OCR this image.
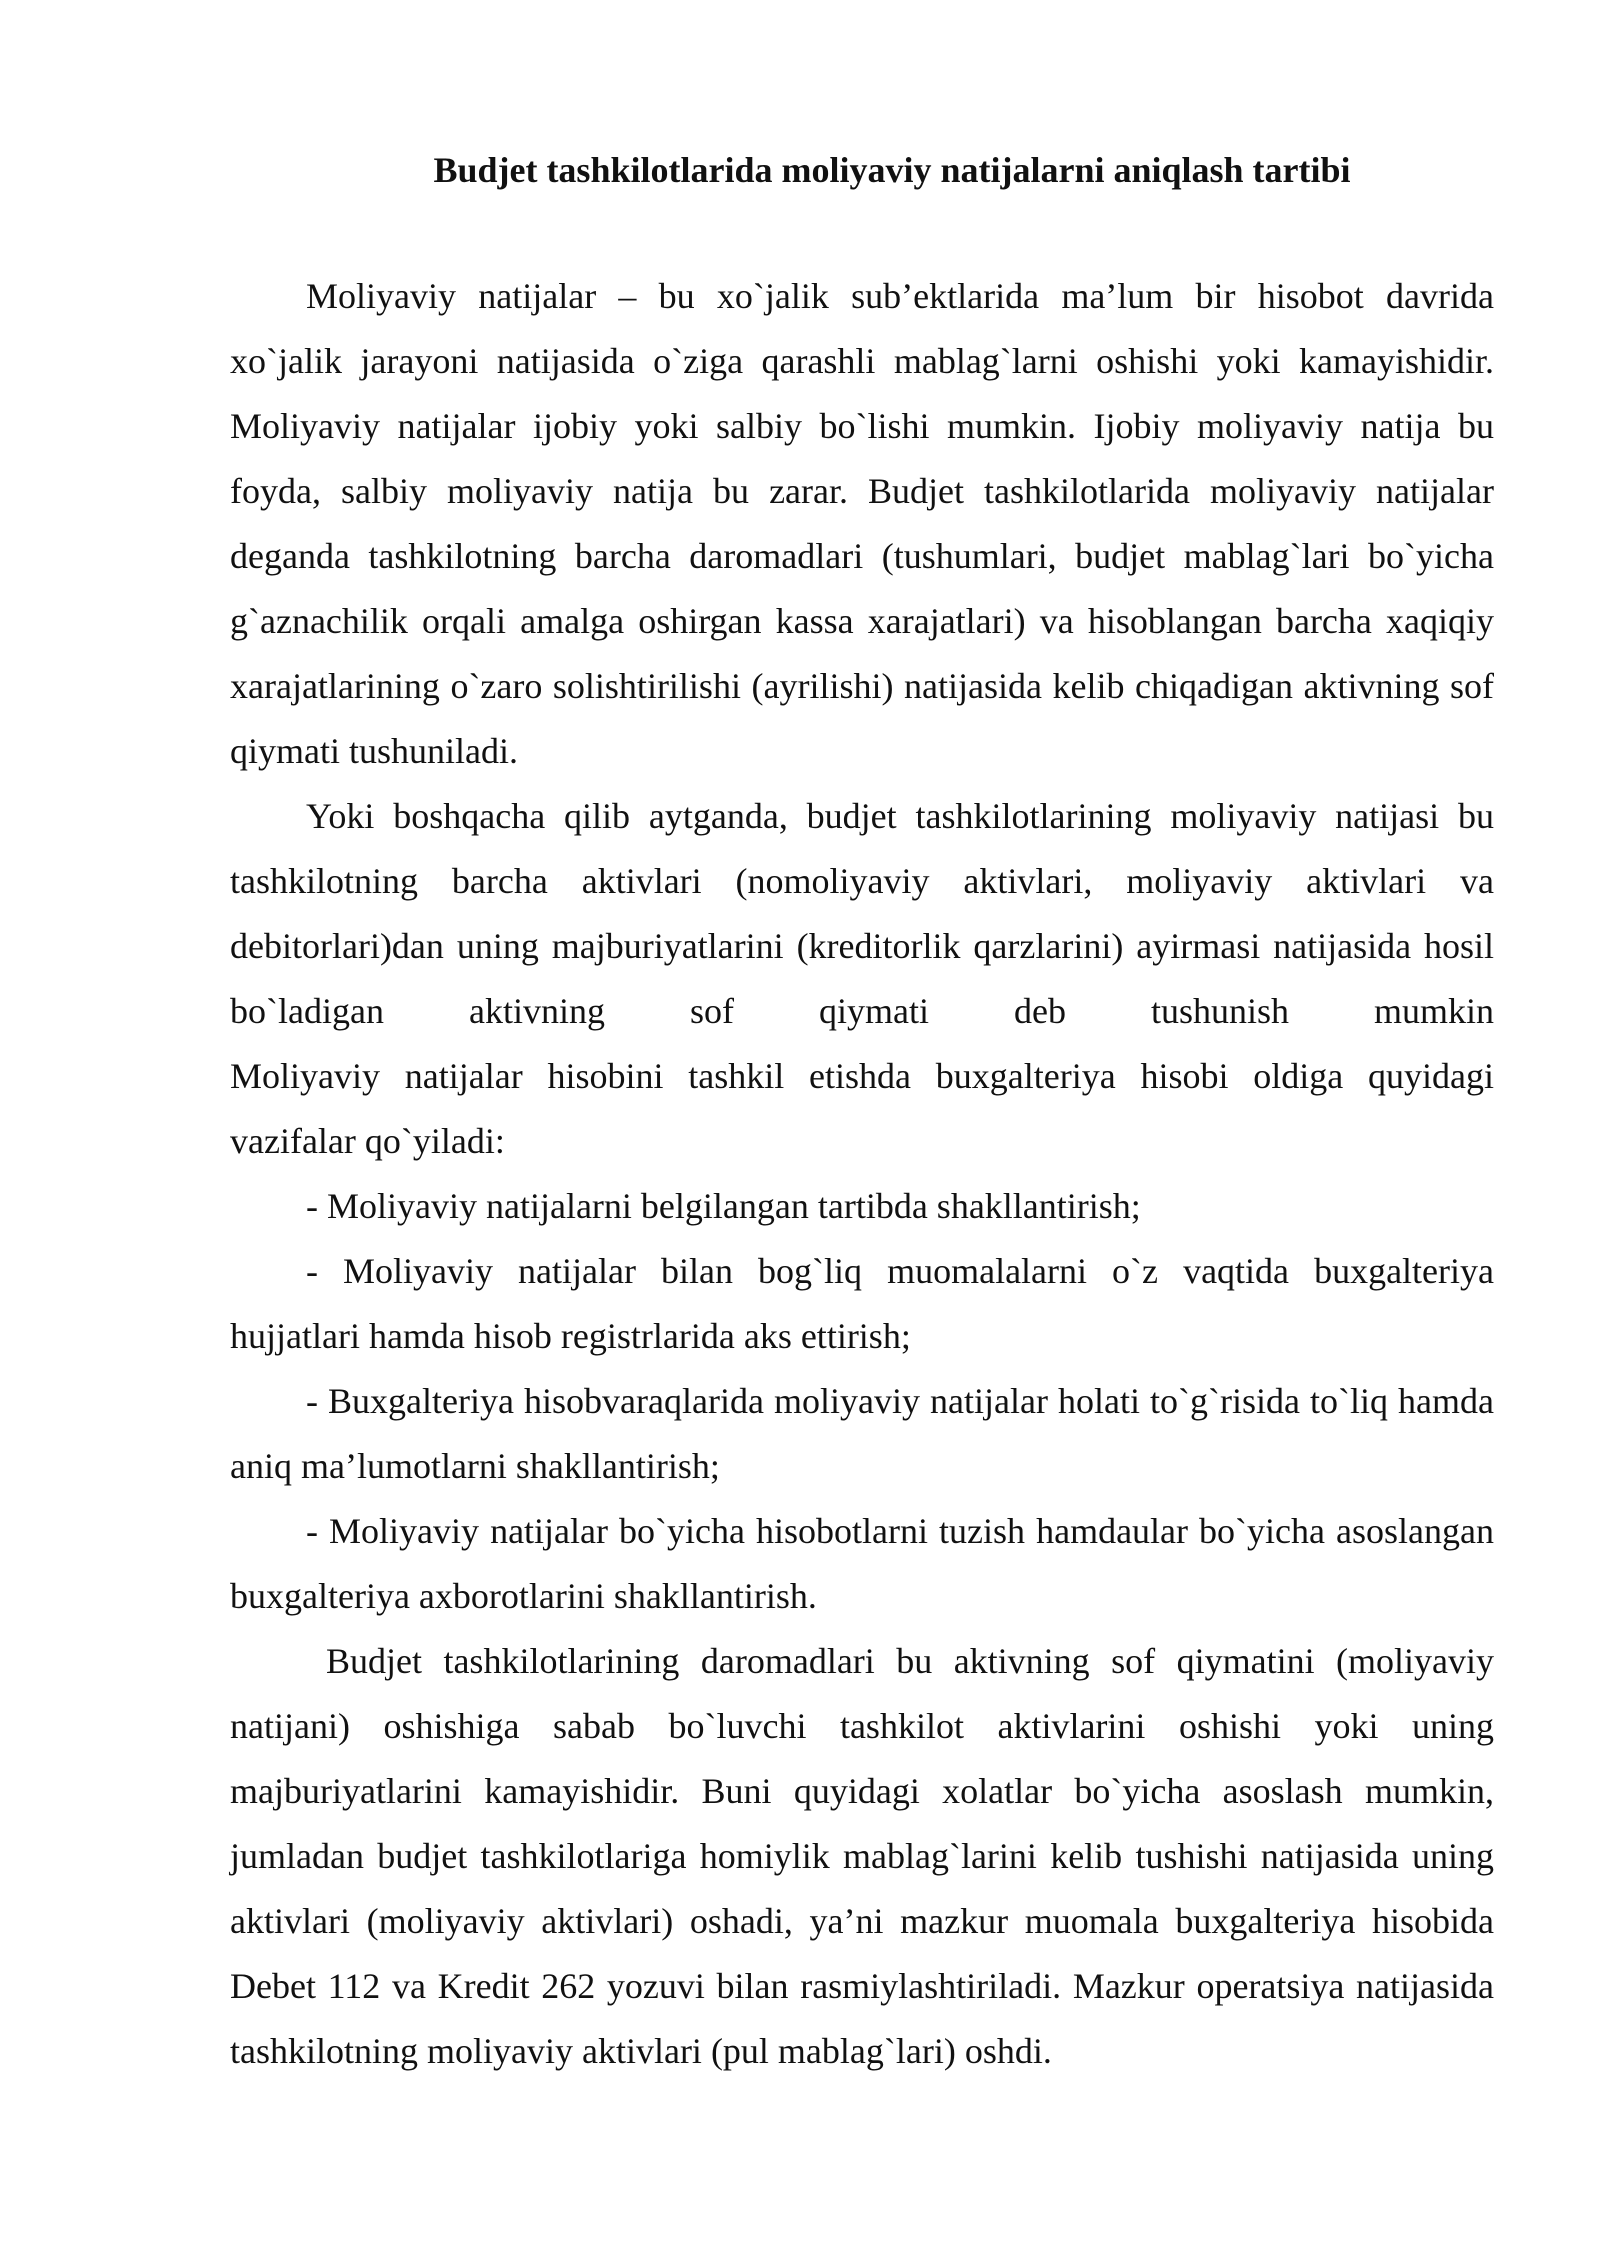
Budjet tashkilotlarida moliyaviy natijalarni aniqlash tartibi

Moliyaviy natijalar – bu xo`jalik sub’ektlarida ma’lum bir hisobot davrida xo`jalik jarayoni natijasida o`ziga qarashli mablag`larni oshishi yoki kamayishidir. Moliyaviy natijalar ijobiy yoki salbiy bo`lishi mumkin. Ijobiy moliyaviy natija bu foyda, salbiy moliyaviy natija bu zarar. Budjet tashkilotlarida moliyaviy natijalar deganda tashkilotning barcha daromadlari (tushumlari, budjet mablag`lari bo`yicha g`aznachilik orqali amalga oshirgan kassa xarajatlari) va hisoblangan barcha xaqiqiy xarajatlarining o`zaro solishtirilishi (ayrilishi) natijasida kelib chiqadigan aktivning sof qiymati tushuniladi.

Yoki boshqacha qilib aytganda, budjet tashkilotlarining moliyaviy natijasi bu tashkilotning barcha aktivlari (nomoliyaviy aktivlari, moliyaviy aktivlari va debitorlari)dan uning majburiyatlarini (kreditorlik qarzlarini) ayirmasi natijasida hosil bo`ladigan aktivning sof qiymati deb tushunish mumkin

Moliyaviy natijalar hisobini tashkil etishda buxgalteriya hisobi oldiga quyidagi vazifalar qo`yiladi:

- Moliyaviy natijalarni belgilangan tartibda shakllantirish;

- Moliyaviy natijalar bilan bog`liq muomalalarni o`z vaqtida buxgalteriya hujjatlari hamda hisob registrlarida aks ettirish;

- Buxgalteriya hisobvaraqlarida moliyaviy natijalar holati to`g`risida to`liq hamda aniq ma’lumotlarni shakllantirish;

- Moliyaviy natijalar bo`yicha hisobotlarni tuzish hamdaular bo`yicha asoslangan buxgalteriya axborotlarini shakllantirish.

Budjet tashkilotlarining daromadlari bu aktivning sof qiymatini (moliyaviy natijani) oshishiga sabab bo`luvchi tashkilot aktivlarini oshishi yoki uning majburiyatlarini kamayishidir. Buni quyidagi xolatlar bo`yicha asoslash mumkin, jumladan budjet tashkilotlariga homiylik mablag`larini kelib tushishi natijasida uning aktivlari (moliyaviy aktivlari) oshadi, ya’ni mazkur muomala buxgalteriya hisobida Debet 112 va Kredit 262 yozuvi bilan rasmiylashtiriladi. Mazkur operatsiya natijasida tashkilotning moliyaviy aktivlari (pul mablag`lari) oshdi.
